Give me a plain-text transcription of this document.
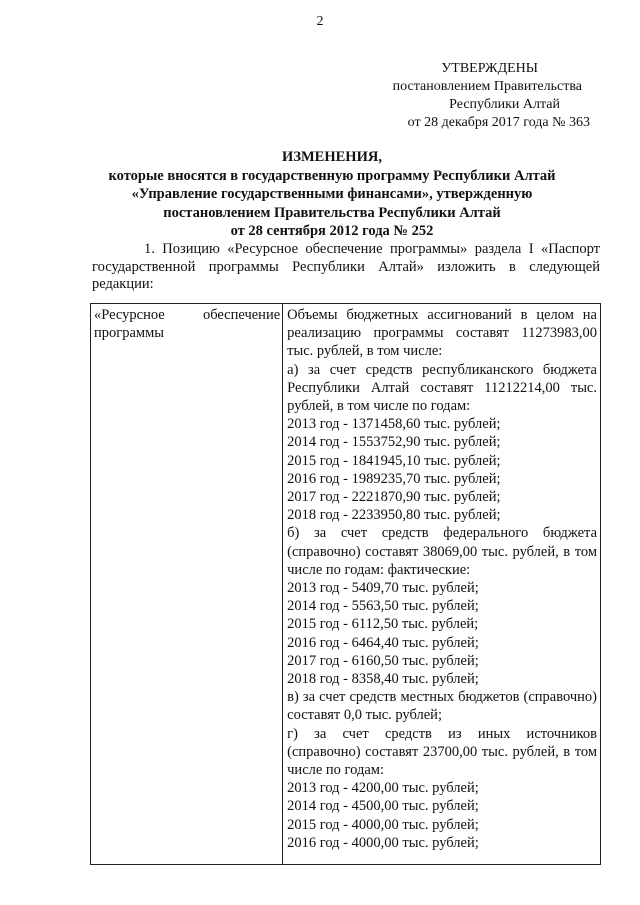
2
УТВЕРЖДЕНЫ
постановлением Правительства
Республики Алтай
от 28 декабря 2017 года № 363
ИЗМЕНЕНИЯ,
которые вносятся в государственную программу Республики Алтай
«Управление государственными финансами», утвержденную
постановлением Правительства Республики Алтай
от 28 сентября 2012 года № 252

1. Позицию «Ресурсное обеспечение программы» раздела I «Паспорт государственной программы Республики Алтай» изложить в следующей редакции:

«Ресурсное	обеспечение
программы

Объемы бюджетных ассигнований в целом на реализацию программы составят 11273983,00 тыс. рублей, в том числе:
а) за счет средств республиканского бюджета Республики Алтай составят 11212214,00 тыс. рублей, в том числе по годам:
2013 год - 1371458,60 тыс. рублей;
2014 год - 1553752,90 тыс. рублей;
2015 год - 1841945,10 тыс. рублей;
2016 год - 1989235,70 тыс. рублей;
2017 год - 2221870,90 тыс. рублей;
2018 год - 2233950,80 тыс. рублей;
б) за счет средств федерального бюджета (справочно) составят 38069,00 тыс. рублей, в том числе по годам: фактические:
2013 год - 5409,70 тыс. рублей;
2014 год - 5563,50 тыс. рублей;
2015 год - 6112,50 тыс. рублей;
2016 год - 6464,40 тыс. рублей;
2017 год - 6160,50 тыс. рублей;
2018 год - 8358,40 тыс. рублей;
в) за счет средств местных бюджетов (справочно) составят 0,0 тыс. рублей;
г) за счет средств из иных источников (справочно) составят 23700,00 тыс. рублей, в том числе по годам:
2013 год - 4200,00 тыс. рублей;
2014 год - 4500,00 тыс. рублей;
2015 год - 4000,00 тыс. рублей;
2016 год - 4000,00 тыс. рублей;
